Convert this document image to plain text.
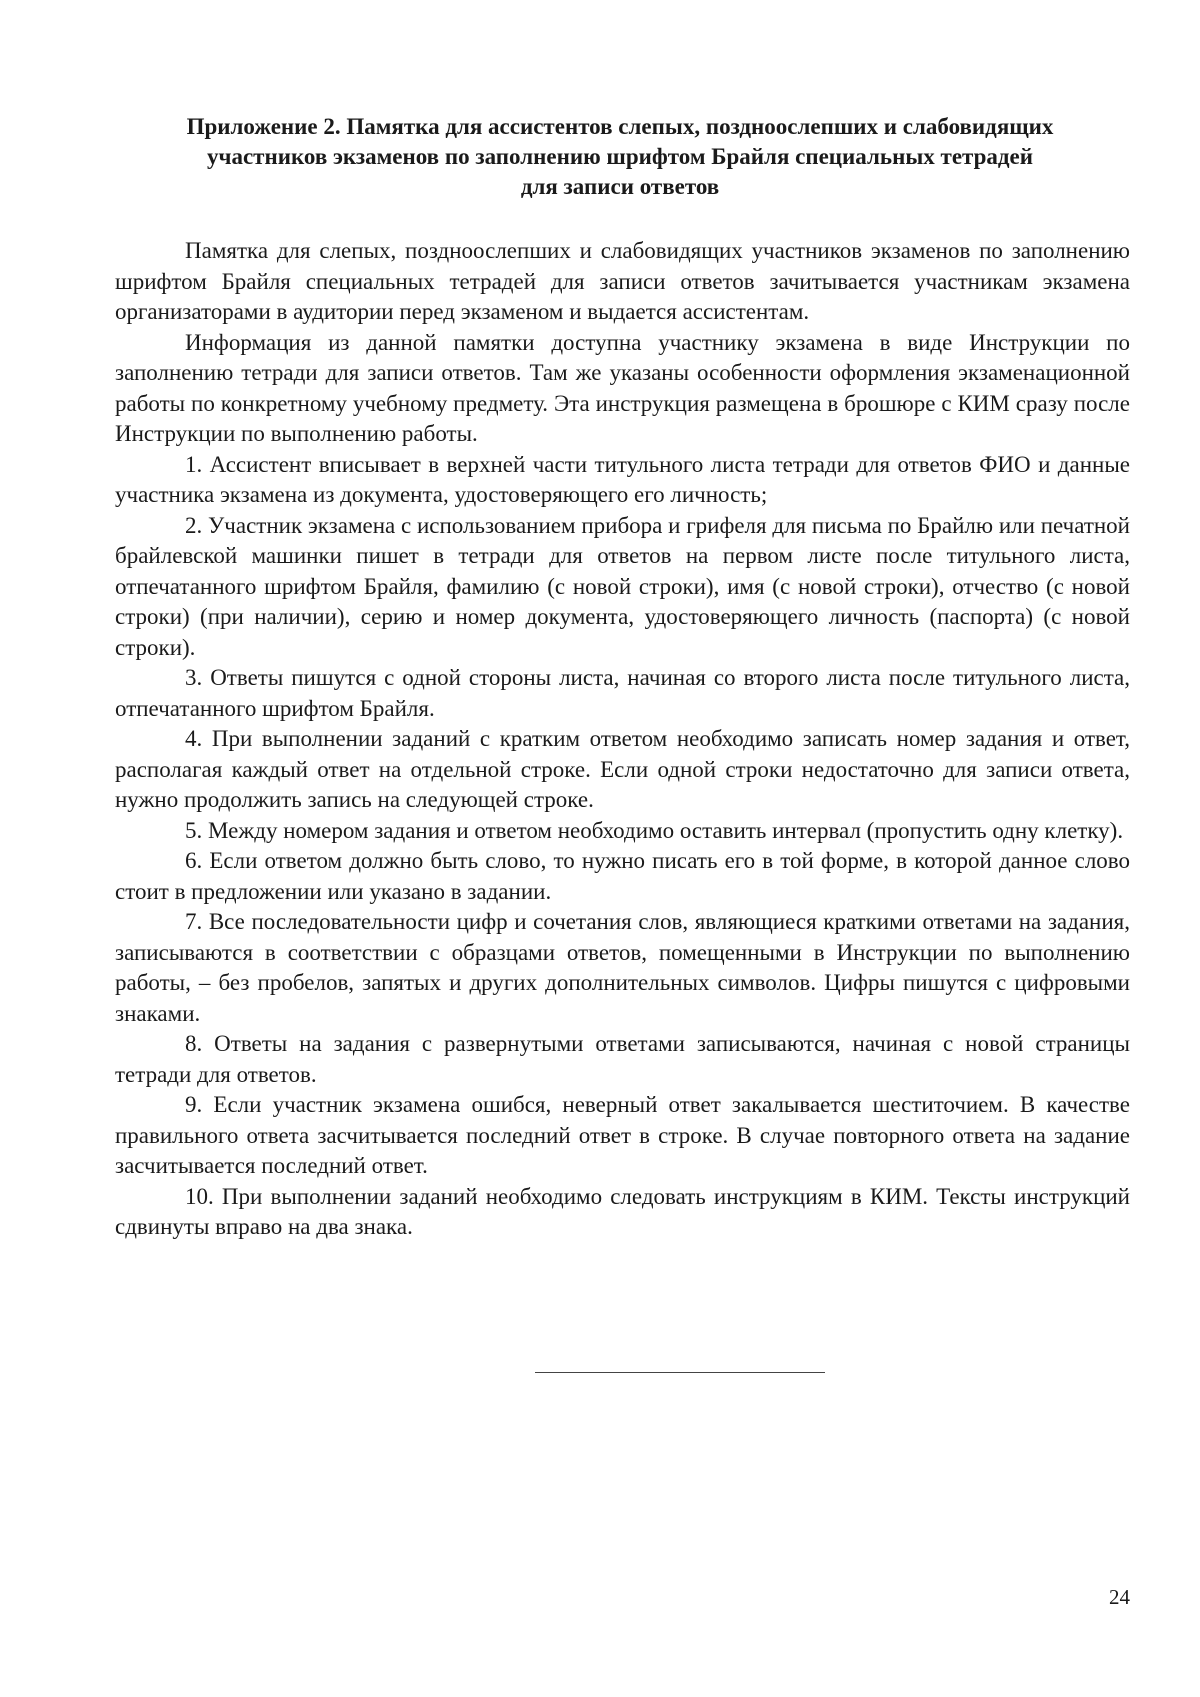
Приложение 2. Памятка для ассистентов слепых, поздноослепших и слабовидящих
участников экзаменов по заполнению шрифтом Брайля специальных тетрадей
для записи ответов

Памятка для слепых, поздноослепших и слабовидящих участников экзаменов по заполнению шрифтом Брайля специальных тетрадей для записи ответов зачитывается участникам экзамена организаторами в аудитории перед экзаменом и выдается ассистентам.

Информация из данной памятки доступна участнику экзамена в виде Инструкции по заполнению тетради для записи ответов. Там же указаны особенности оформления экзаменационной работы по конкретному учебному предмету. Эта инструкция размещена в брошюре с КИМ сразу после Инструкции по выполнению работы.

1. Ассистент вписывает в верхней части титульного листа тетради для ответов ФИО и данные участника экзамена из документа, удостоверяющего его личность;

2. Участник экзамена с использованием прибора и грифеля для письма по Брайлю или печатной брайлевской машинки пишет в тетради для ответов на первом листе после титульного листа, отпечатанного шрифтом Брайля, фамилию (с новой строки), имя (с новой строки), отчество (с новой строки) (при наличии), серию и номер документа, удостоверяющего личность (паспорта) (с новой строки).

3. Ответы пишутся с одной стороны листа, начиная со второго листа после титульного листа, отпечатанного шрифтом Брайля.

4. При выполнении заданий с кратким ответом необходимо записать номер задания и ответ, располагая каждый ответ на отдельной строке. Если одной строки недостаточно для записи ответа, нужно продолжить запись на следующей строке.

5. Между номером задания и ответом необходимо оставить интервал (пропустить одну клетку).

6. Если ответом должно быть слово, то нужно писать его в той форме, в которой данное слово стоит в предложении или указано в задании.

7. Все последовательности цифр и сочетания слов, являющиеся краткими ответами на задания, записываются в соответствии с образцами ответов, помещенными в Инструкции по выполнению работы, – без пробелов, запятых и других дополнительных символов. Цифры пишутся с цифровыми знаками.

8. Ответы на задания с развернутыми ответами записываются, начиная с новой страницы тетради для ответов.

9. Если участник экзамена ошибся, неверный ответ закалывается шеститочием. В качестве правильного ответа засчитывается последний ответ в строке. В случае повторного ответа на задание засчитывается последний ответ.

10. При выполнении заданий необходимо следовать инструкциям в КИМ. Тексты инструкций сдвинуты вправо на два знака.

24
